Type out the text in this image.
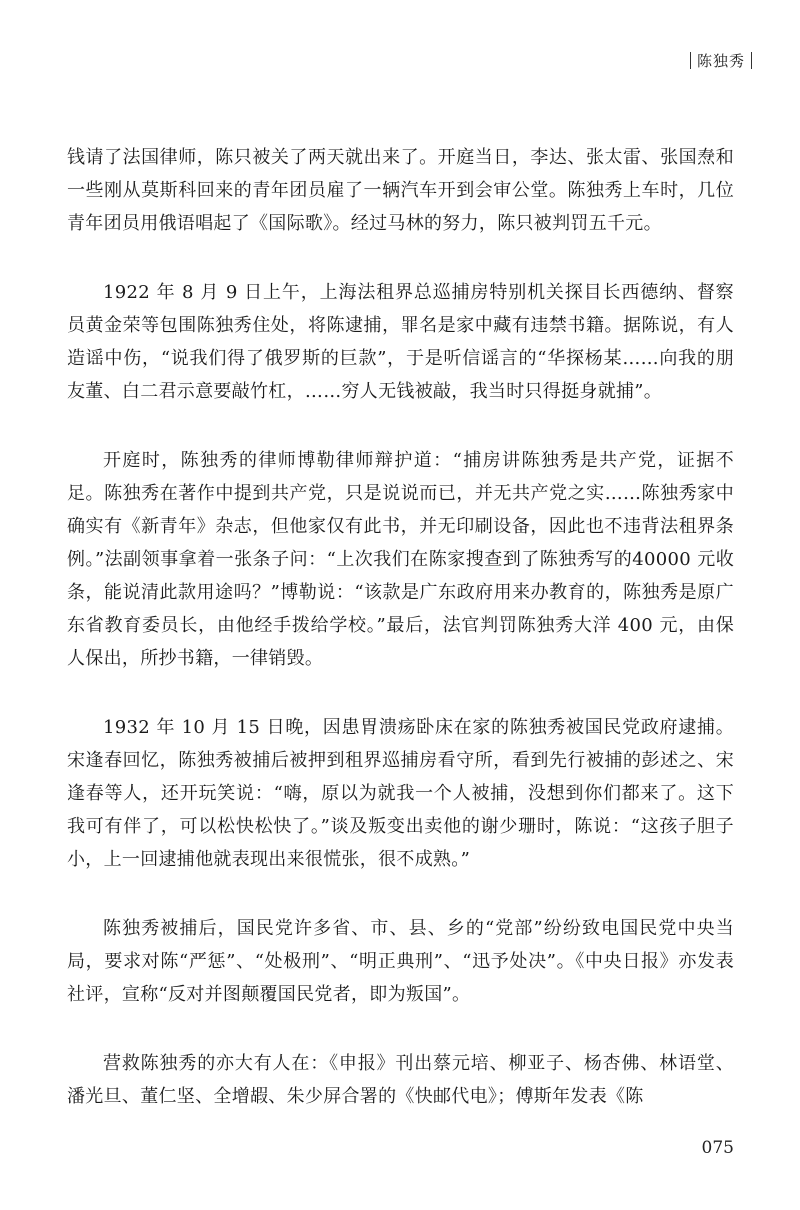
陈独秀

钱请了法国律师，陈只被关了两天就出来了。开庭当日，李达、张太雷、张国焘和一些刚从莫斯科回来的青年团员雇了一辆汽车开到会审公堂。陈独秀上车时，几位青年团员用俄语唱起了《国际歌》。经过马林的努力，陈只被判罚五千元。

1922 年 8 月 9 日上午，上海法租界总巡捕房特别机关探目长西德纳、督察员黄金荣等包围陈独秀住处，将陈逮捕，罪名是家中藏有违禁书籍。据陈说，有人造谣中伤，“说我们得了俄罗斯的巨款”，于是听信谣言的“华探杨某……向我的朋友董、白二君示意要敲竹杠，……穷人无钱被敲，我当时只得挺身就捕”。

开庭时，陈独秀的律师博勒律师辩护道：“捕房讲陈独秀是共产党，证据不足。陈独秀在著作中提到共产党，只是说说而已，并无共产党之实……陈独秀家中确实有《新青年》杂志，但他家仅有此书，并无印刷设备，因此也不违背法租界条例。”法副领事拿着一张条子问：“上次我们在陈家搜查到了陈独秀写的40000 元收条，能说清此款用途吗？”博勒说：“该款是广东政府用来办教育的，陈独秀是原广东省教育委员长，由他经手拨给学校。”最后，法官判罚陈独秀大洋 400 元，由保人保出，所抄书籍，一律销毁。

1932 年 10 月 15 日晚，因患胃溃疡卧床在家的陈独秀被国民党政府逮捕。宋逢春回忆，陈独秀被捕后被押到租界巡捕房看守所，看到先行被捕的彭述之、宋逢春等人，还开玩笑说：“嗨，原以为就我一个人被捕，没想到你们都来了。这下我可有伴了，可以松快松快了。”谈及叛变出卖他的谢少珊时，陈说：“这孩子胆子小，上一回逮捕他就表现出来很慌张，很不成熟。”

陈独秀被捕后，国民党许多省、市、县、乡的“党部”纷纷致电国民党中央当局，要求对陈“严惩”、“处极刑”、“明正典刑”、“迅予处决”。《中央日报》亦发表社评，宣称“反对并图颠覆国民党者，即为叛国”。

营救陈独秀的亦大有人在：《申报》刊出蔡元培、柳亚子、杨杏佛、林语堂、潘光旦、董仁坚、全增嘏、朱少屏合署的《快邮代电》；傅斯年发表《陈

075
